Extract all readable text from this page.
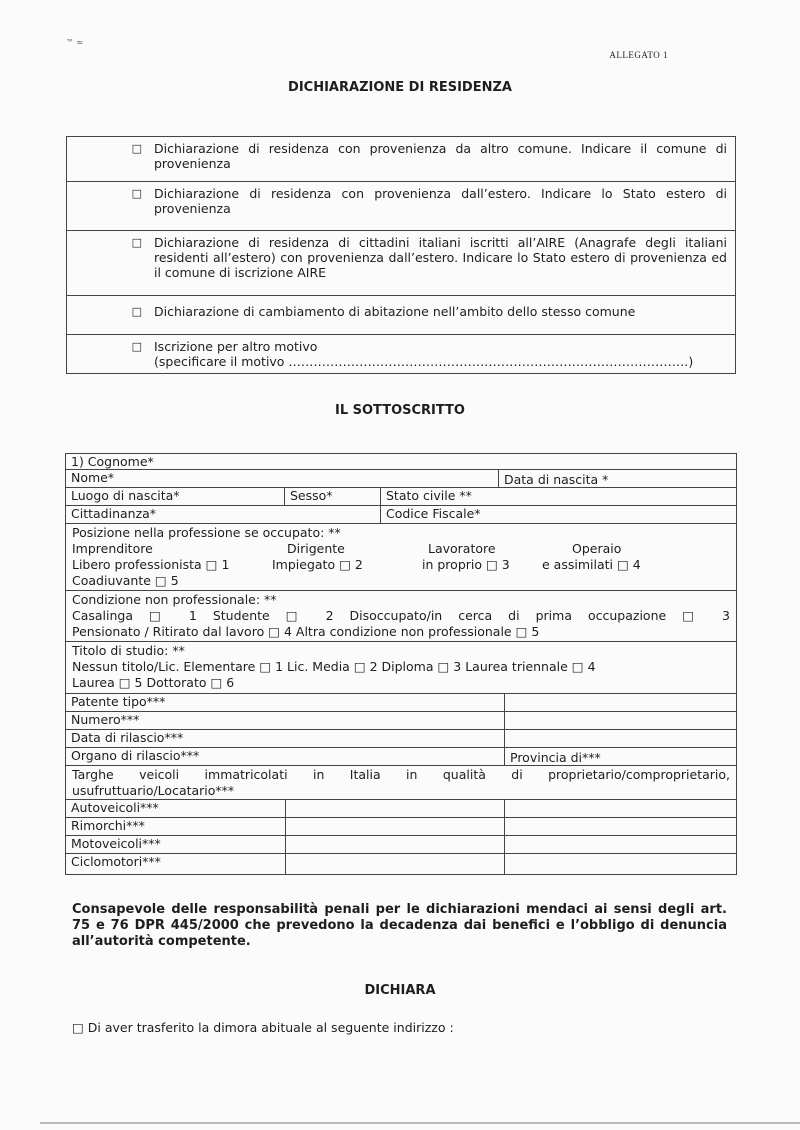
™ ≈
ALLEGATO 1
DICHIARAZIONE DI RESIDENZA
□	Dichiarazione di residenza con provenienza da altro comune. Indicare il comune di provenienza
□	Dichiarazione di residenza con provenienza dall’estero. Indicare lo Stato estero di provenienza
□	Dichiarazione di residenza di cittadini italiani iscritti all’AIRE (Anagrafe degli italiani residenti all’estero) con provenienza dall’estero. Indicare lo Stato estero di provenienza ed il comune di iscrizione AIRE
□	Dichiarazione di cambiamento di abitazione nell’ambito dello stesso comune
□	Iscrizione per altro motivo
(specificare il motivo ……………………………………………………………………………………)
IL SOTTOSCRITTO
1) Cognome*
Nome*	Data di nascita *
Luogo di nascita*	Sesso*	Stato civile **
Cittadinanza*	Codice Fiscale*
Posizione nella professione se occupato: **
Imprenditore	Dirigente	Lavoratore	Operaio
Libero professionista □ 1	Impiegato □ 2	in proprio □ 3	e assimilati □ 4
Coadiuvante □ 5
Condizione non professionale: **
Casalinga □ 1 Studente □ 2 Disoccupato/in cerca di prima occupazione □ 3
Pensionato / Ritirato dal lavoro □ 4 Altra condizione non professionale □ 5
Titolo di studio: **
Nessun titolo/Lic. Elementare □ 1 Lic. Media □ 2 Diploma □ 3 Laurea triennale □ 4
Laurea □ 5 Dottorato □ 6
Patente tipo***
Numero***
Data di rilascio***
Organo di rilascio***	Provincia di***
Targhe veicoli immatricolati in Italia in qualità di proprietario/comproprietario, usufruttuario/Locatario***
Autoveicoli***
Rimorchi***
Motoveicoli***
Ciclomotori***
Consapevole delle responsabilità penali per le dichiarazioni mendaci ai sensi degli art. 75 e 76 DPR 445/2000 che prevedono la decadenza dai benefici e l’obbligo di denuncia all’autorità competente.
DICHIARA
□ Di aver trasferito la dimora abituale al seguente indirizzo :
